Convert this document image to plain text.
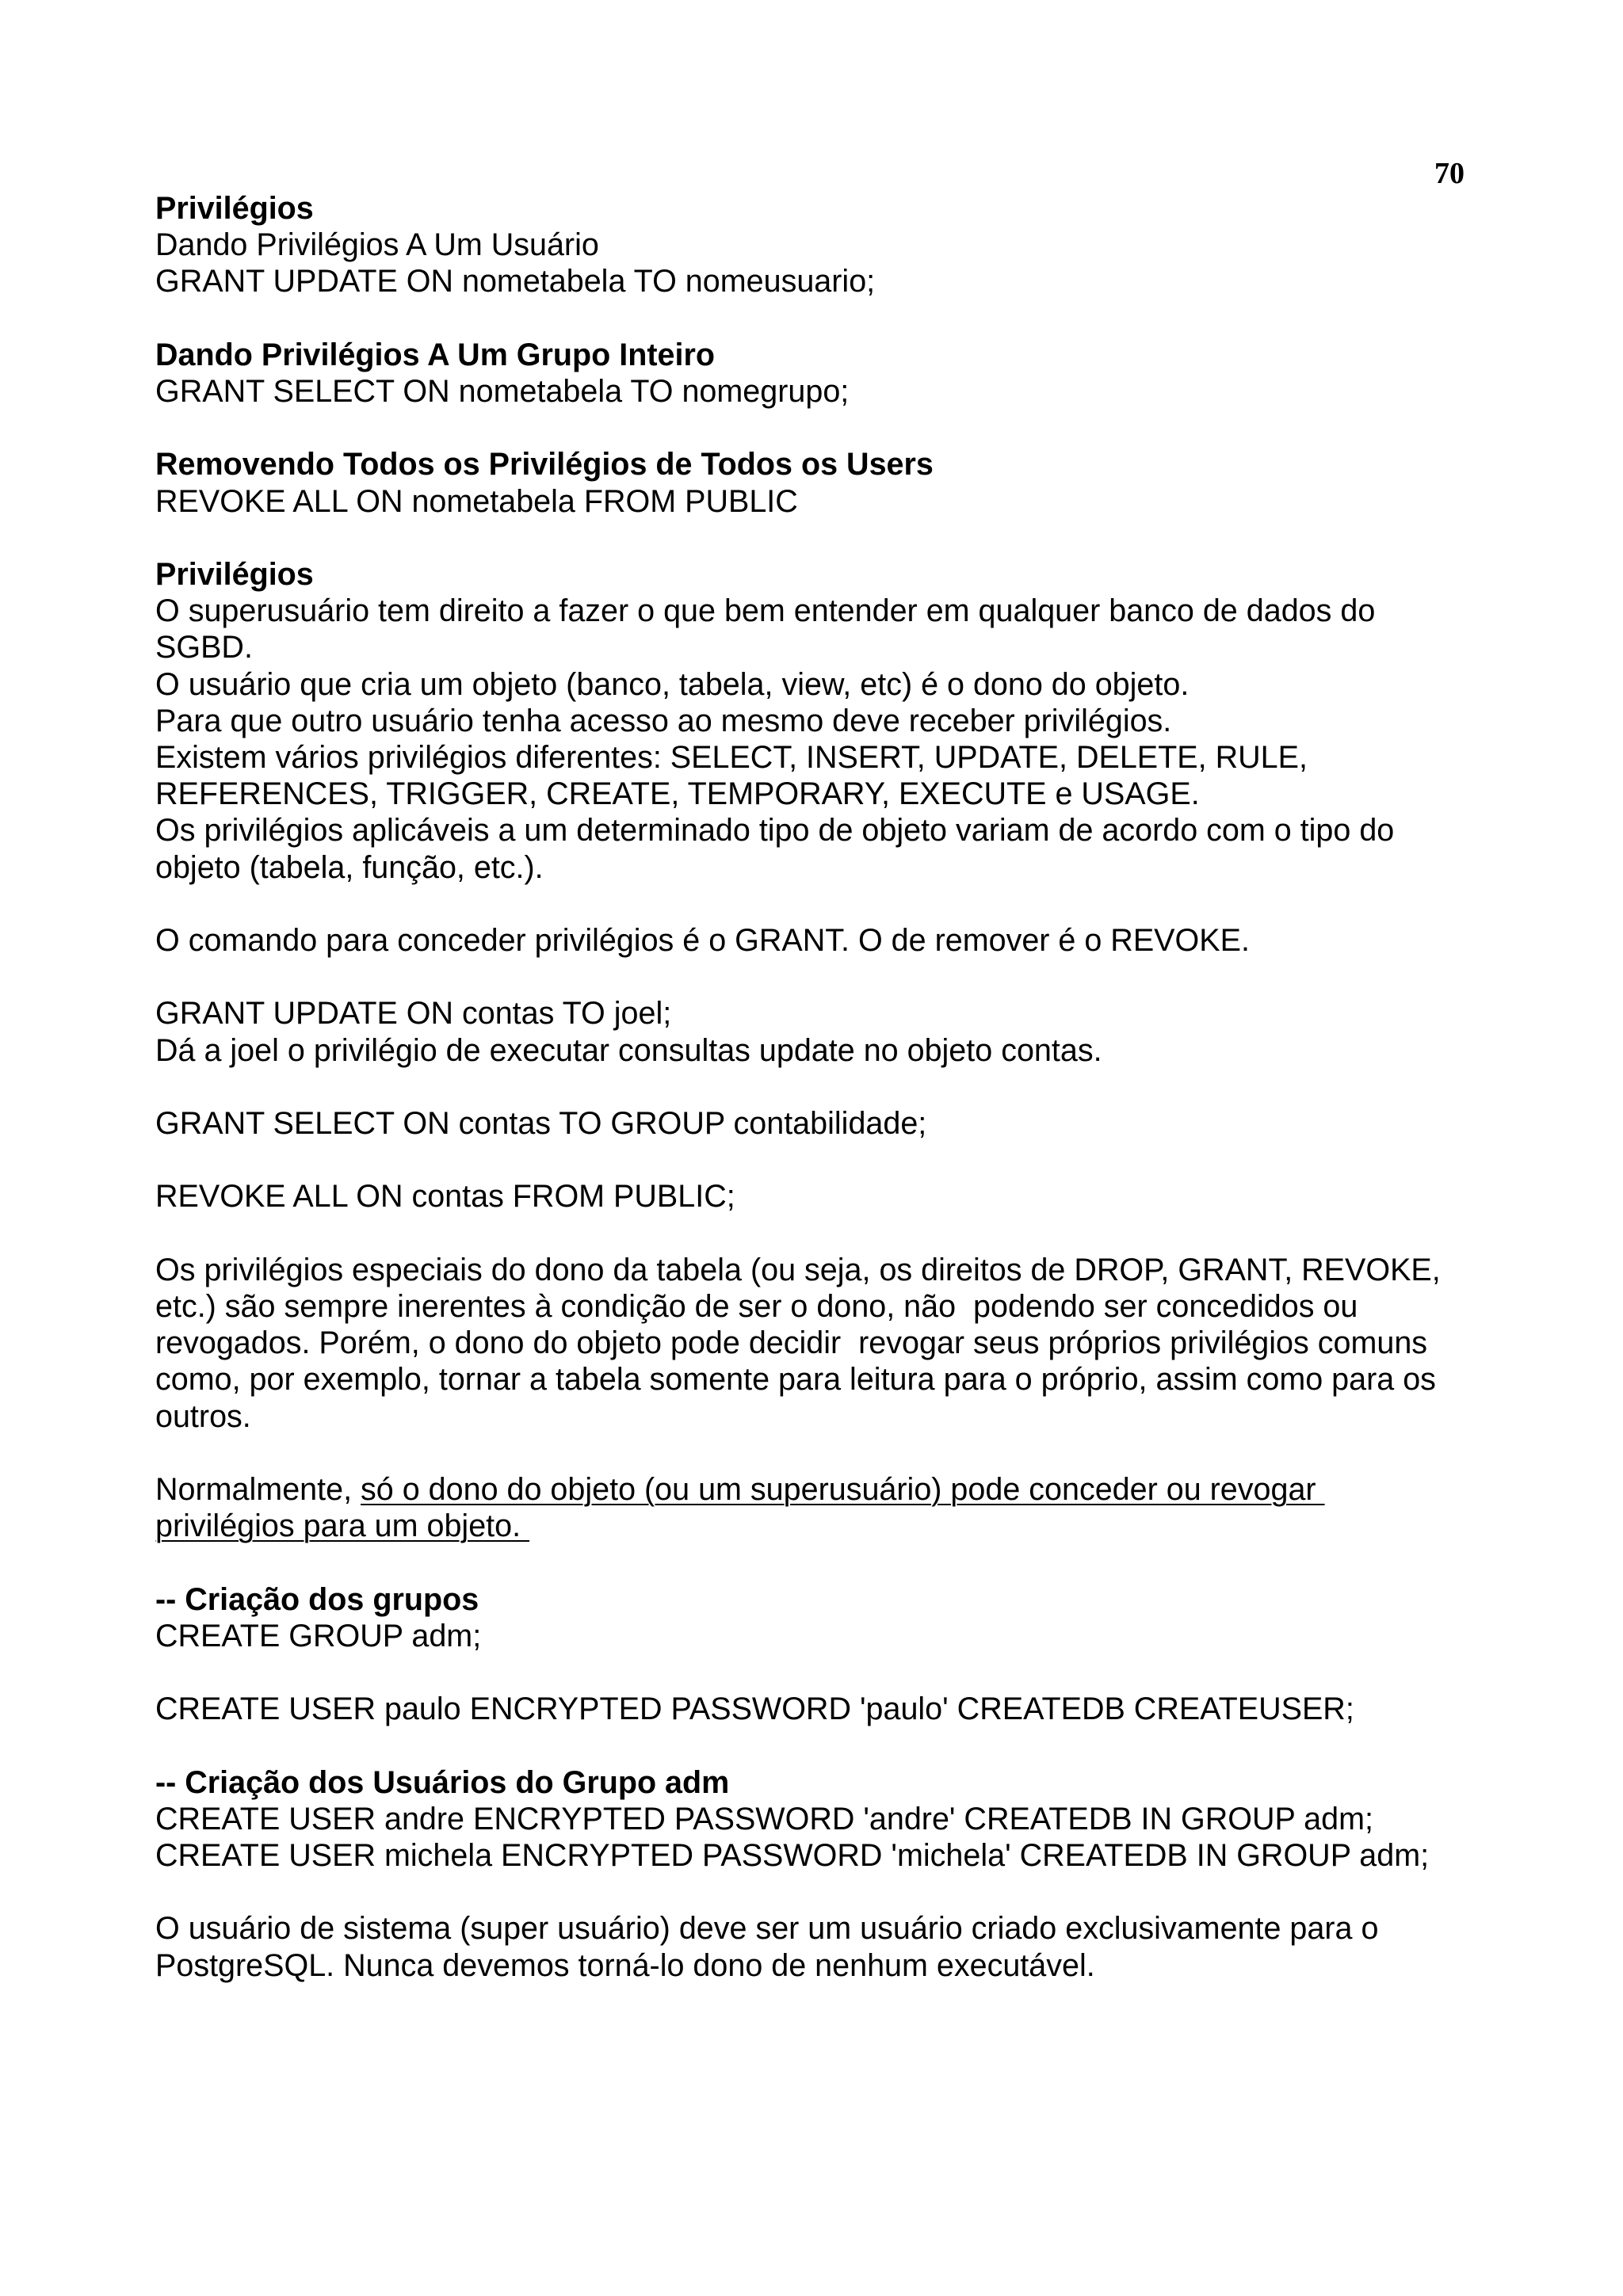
70
Privilégios
Dando Privilégios A Um Usuário
GRANT UPDATE ON nometabela TO nomeusuario;
Dando Privilégios A Um Grupo Inteiro
GRANT SELECT ON nometabela TO nomegrupo;
Removendo Todos os Privilégios de Todos os Users
REVOKE ALL ON nometabela FROM PUBLIC
Privilégios
O superusuário tem direito a fazer o que bem entender em qualquer banco de dados do
SGBD.
O usuário que cria um objeto (banco, tabela, view, etc) é o dono do objeto.
Para que outro usuário tenha acesso ao mesmo deve receber privilégios.
Existem vários privilégios diferentes: SELECT, INSERT, UPDATE, DELETE, RULE,
REFERENCES, TRIGGER, CREATE, TEMPORARY, EXECUTE e USAGE.
Os privilégios aplicáveis a um determinado tipo de objeto variam de acordo com o tipo do
objeto (tabela, função, etc.).
O comando para conceder privilégios é o GRANT. O de remover é o REVOKE.
GRANT UPDATE ON contas TO joel;
Dá a joel o privilégio de executar consultas update no objeto contas.
GRANT SELECT ON contas TO GROUP contabilidade;
REVOKE ALL ON contas FROM PUBLIC;
Os privilégios especiais do dono da tabela (ou seja, os direitos de DROP, GRANT, REVOKE,
etc.) são sempre inerentes à condição de ser o dono, não  podendo ser concedidos ou
revogados. Porém, o dono do objeto pode decidir  revogar seus próprios privilégios comuns
como, por exemplo, tornar a tabela somente para leitura para o próprio, assim como para os
outros.
Normalmente, só o dono do objeto (ou um superusuário) pode conceder ou revogar
privilégios para um objeto.
-- Criação dos grupos
CREATE GROUP adm;
CREATE USER paulo ENCRYPTED PASSWORD 'paulo' CREATEDB CREATEUSER;
-- Criação dos Usuários do Grupo adm
CREATE USER andre ENCRYPTED PASSWORD 'andre' CREATEDB IN GROUP adm;
CREATE USER michela ENCRYPTED PASSWORD 'michela' CREATEDB IN GROUP adm;
O usuário de sistema (super usuário) deve ser um usuário criado exclusivamente para o
PostgreSQL. Nunca devemos torná-lo dono de nenhum executável.
